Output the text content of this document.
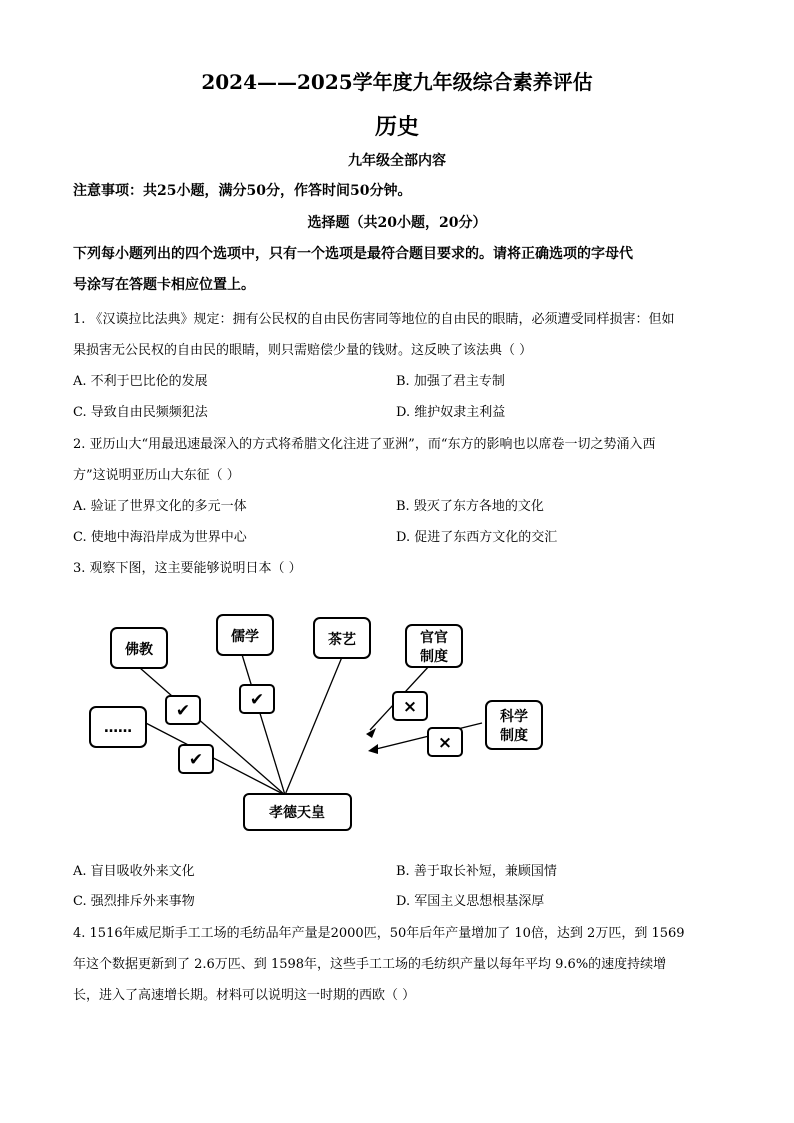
2024——2025学年度九年级综合素养评估
历史
九年级全部内容
注意事项：共25小题，满分50分，作答时间50分钟。
选择题（共20小题，20分）
下列每小题列出的四个选项中，只有一个选项是最符合题目要求的。请将正确选项的字母代
号涂写在答题卡相应位置上。
1. 《汉谟拉比法典》规定：拥有公民权的自由民伤害同等地位的自由民的眼睛，必须遭受同样损害：但如
果损害无公民权的自由民的眼睛，则只需赔偿少量的钱财。这反映了该法典（ ）
A. 不利于巴比伦的发展	B. 加强了君主专制
C. 导致自由民频频犯法	D. 维护奴隶主利益
2. 亚历山大“用最迅速最深入的方式将希腊文化注进了亚洲”，而“东方的影响也以席卷一切之势涌入西
方”这说明亚历山大东征（ ）
A. 验证了世界文化的多元一体	B. 毁灭了东方各地的文化
C. 使地中海沿岸成为世界中心	D. 促进了东西方文化的交汇
3. 观察下图，这主要能够说明日本（ ）
佛教
儒学	茶艺
……
官官
制度
科学
制度
孝德天皇
✔
✔
✔
×
×
A. 盲目吸收外来文化	B. 善于取长补短，兼顾国情
C. 强烈排斥外来事物	D. 军国主义思想根基深厚
4. 1516年威尼斯手工工场的毛纺品年产量是2000匹，50年后年产量增加了 10倍，达到 2万匹，到 1569
年这个数据更新到了 2.6万匹、到 1598年，这些手工工场的毛纺织产量以每年平均 9.6%的速度持续增
长，进入了高速增长期。材料可以说明这一时期的西欧（ ）
